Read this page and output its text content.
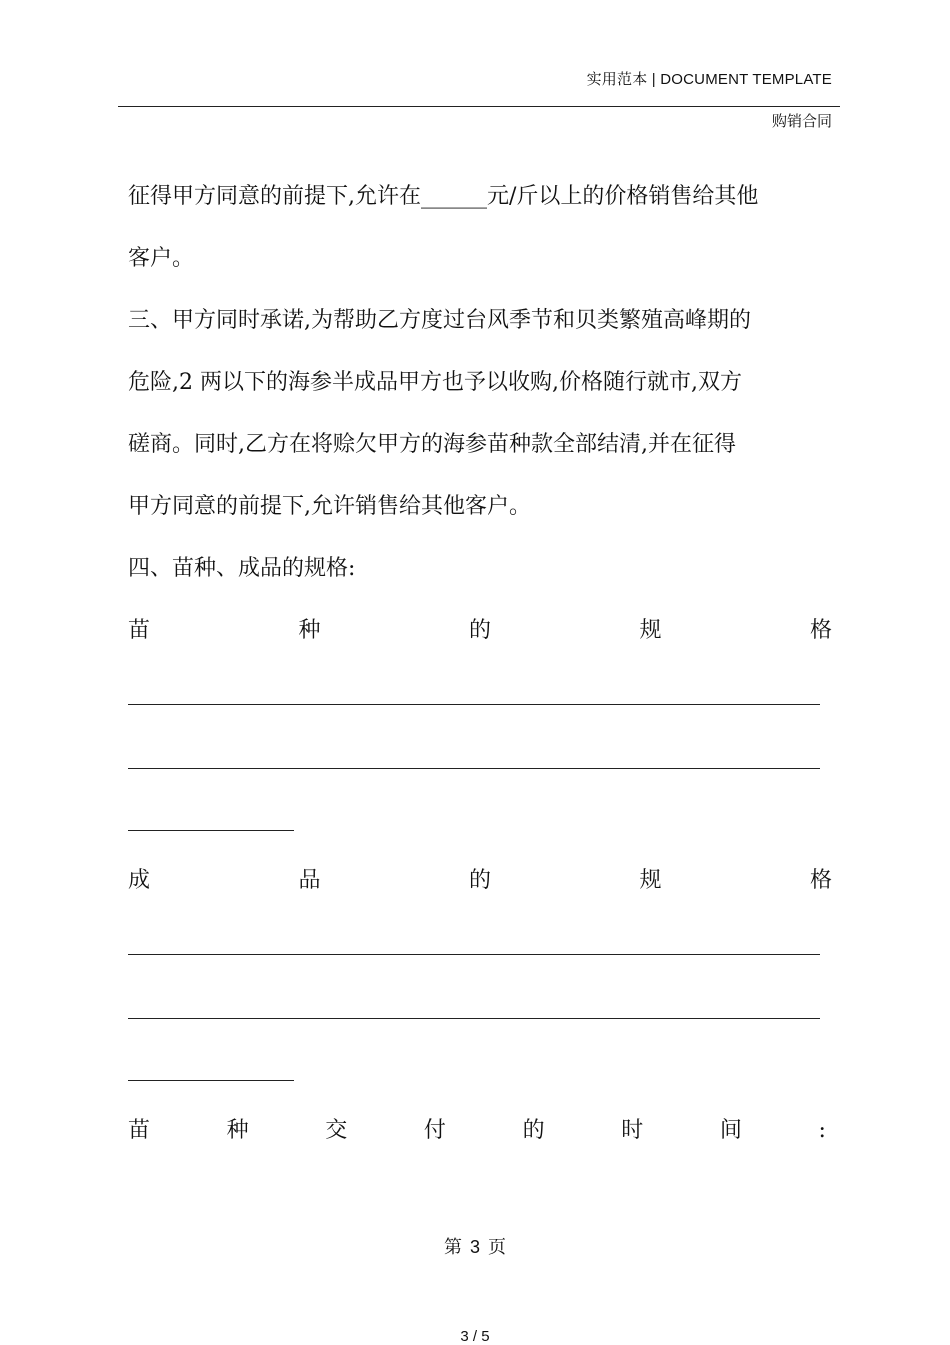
实用范本 | DOCUMENT TEMPLATE
购销合同
征得甲方同意的前提下,允许在______元/斤以上的价格销售给其他
客户。
三、甲方同时承诺,为帮助乙方度过台风季节和贝类繁殖高峰期的
危险,2 两以下的海参半成品甲方也予以收购,价格随行就市,双方
磋商。同时,乙方在将赊欠甲方的海参苗种款全部结清,并在征得
甲方同意的前提下,允许销售给其他客户。
四、苗种、成品的规格:
苗	种	的	规	格
成	品	的	规	格
苗	种	交	付	的	时	间	:
第 3 页
3 / 5
